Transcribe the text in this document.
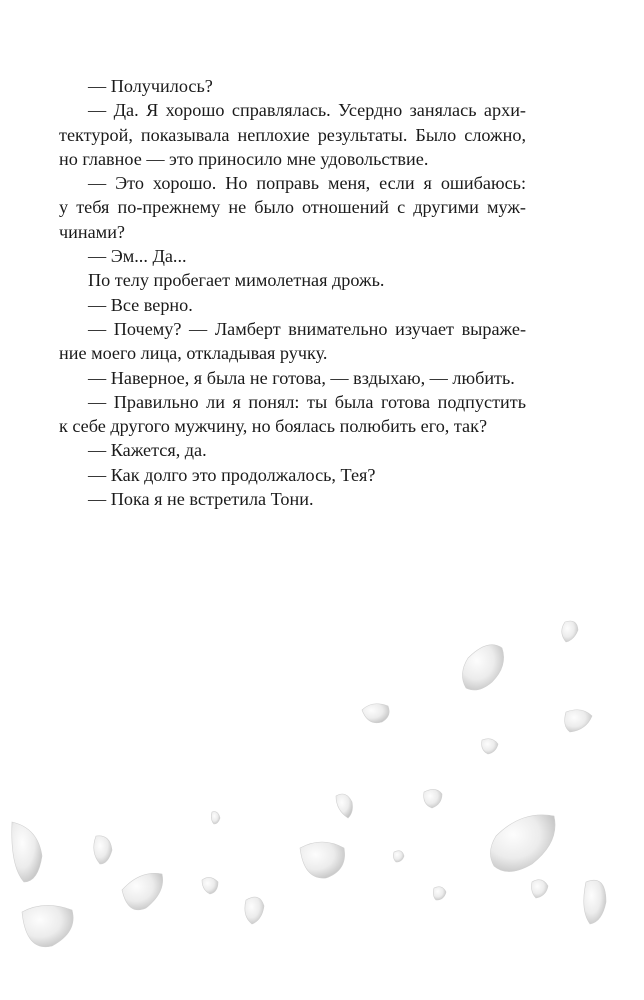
— Получилось?
— Да. Я хорошо справлялась. Усердно занялась архи-
тектурой, показывала неплохие результаты. Было сложно,
но главное — это приносило мне удовольствие.
— Это хорошо. Но поправь меня, если я ошибаюсь:
у тебя по-прежнему не было отношений с другими муж-
чинами?
— Эм... Да...
По телу пробегает мимолетная дрожь.
— Все верно.
— Почему? — Ламберт внимательно изучает выраже-
ние моего лица, откладывая ручку.
— Наверное, я была не готова, — вздыхаю, — любить.
— Правильно ли я понял: ты была готова подпустить
к себе другого мужчину, но боялась полюбить его, так?
— Кажется, да.
— Как долго это продолжалось, Тея?
— Пока я не встретила Тони.
